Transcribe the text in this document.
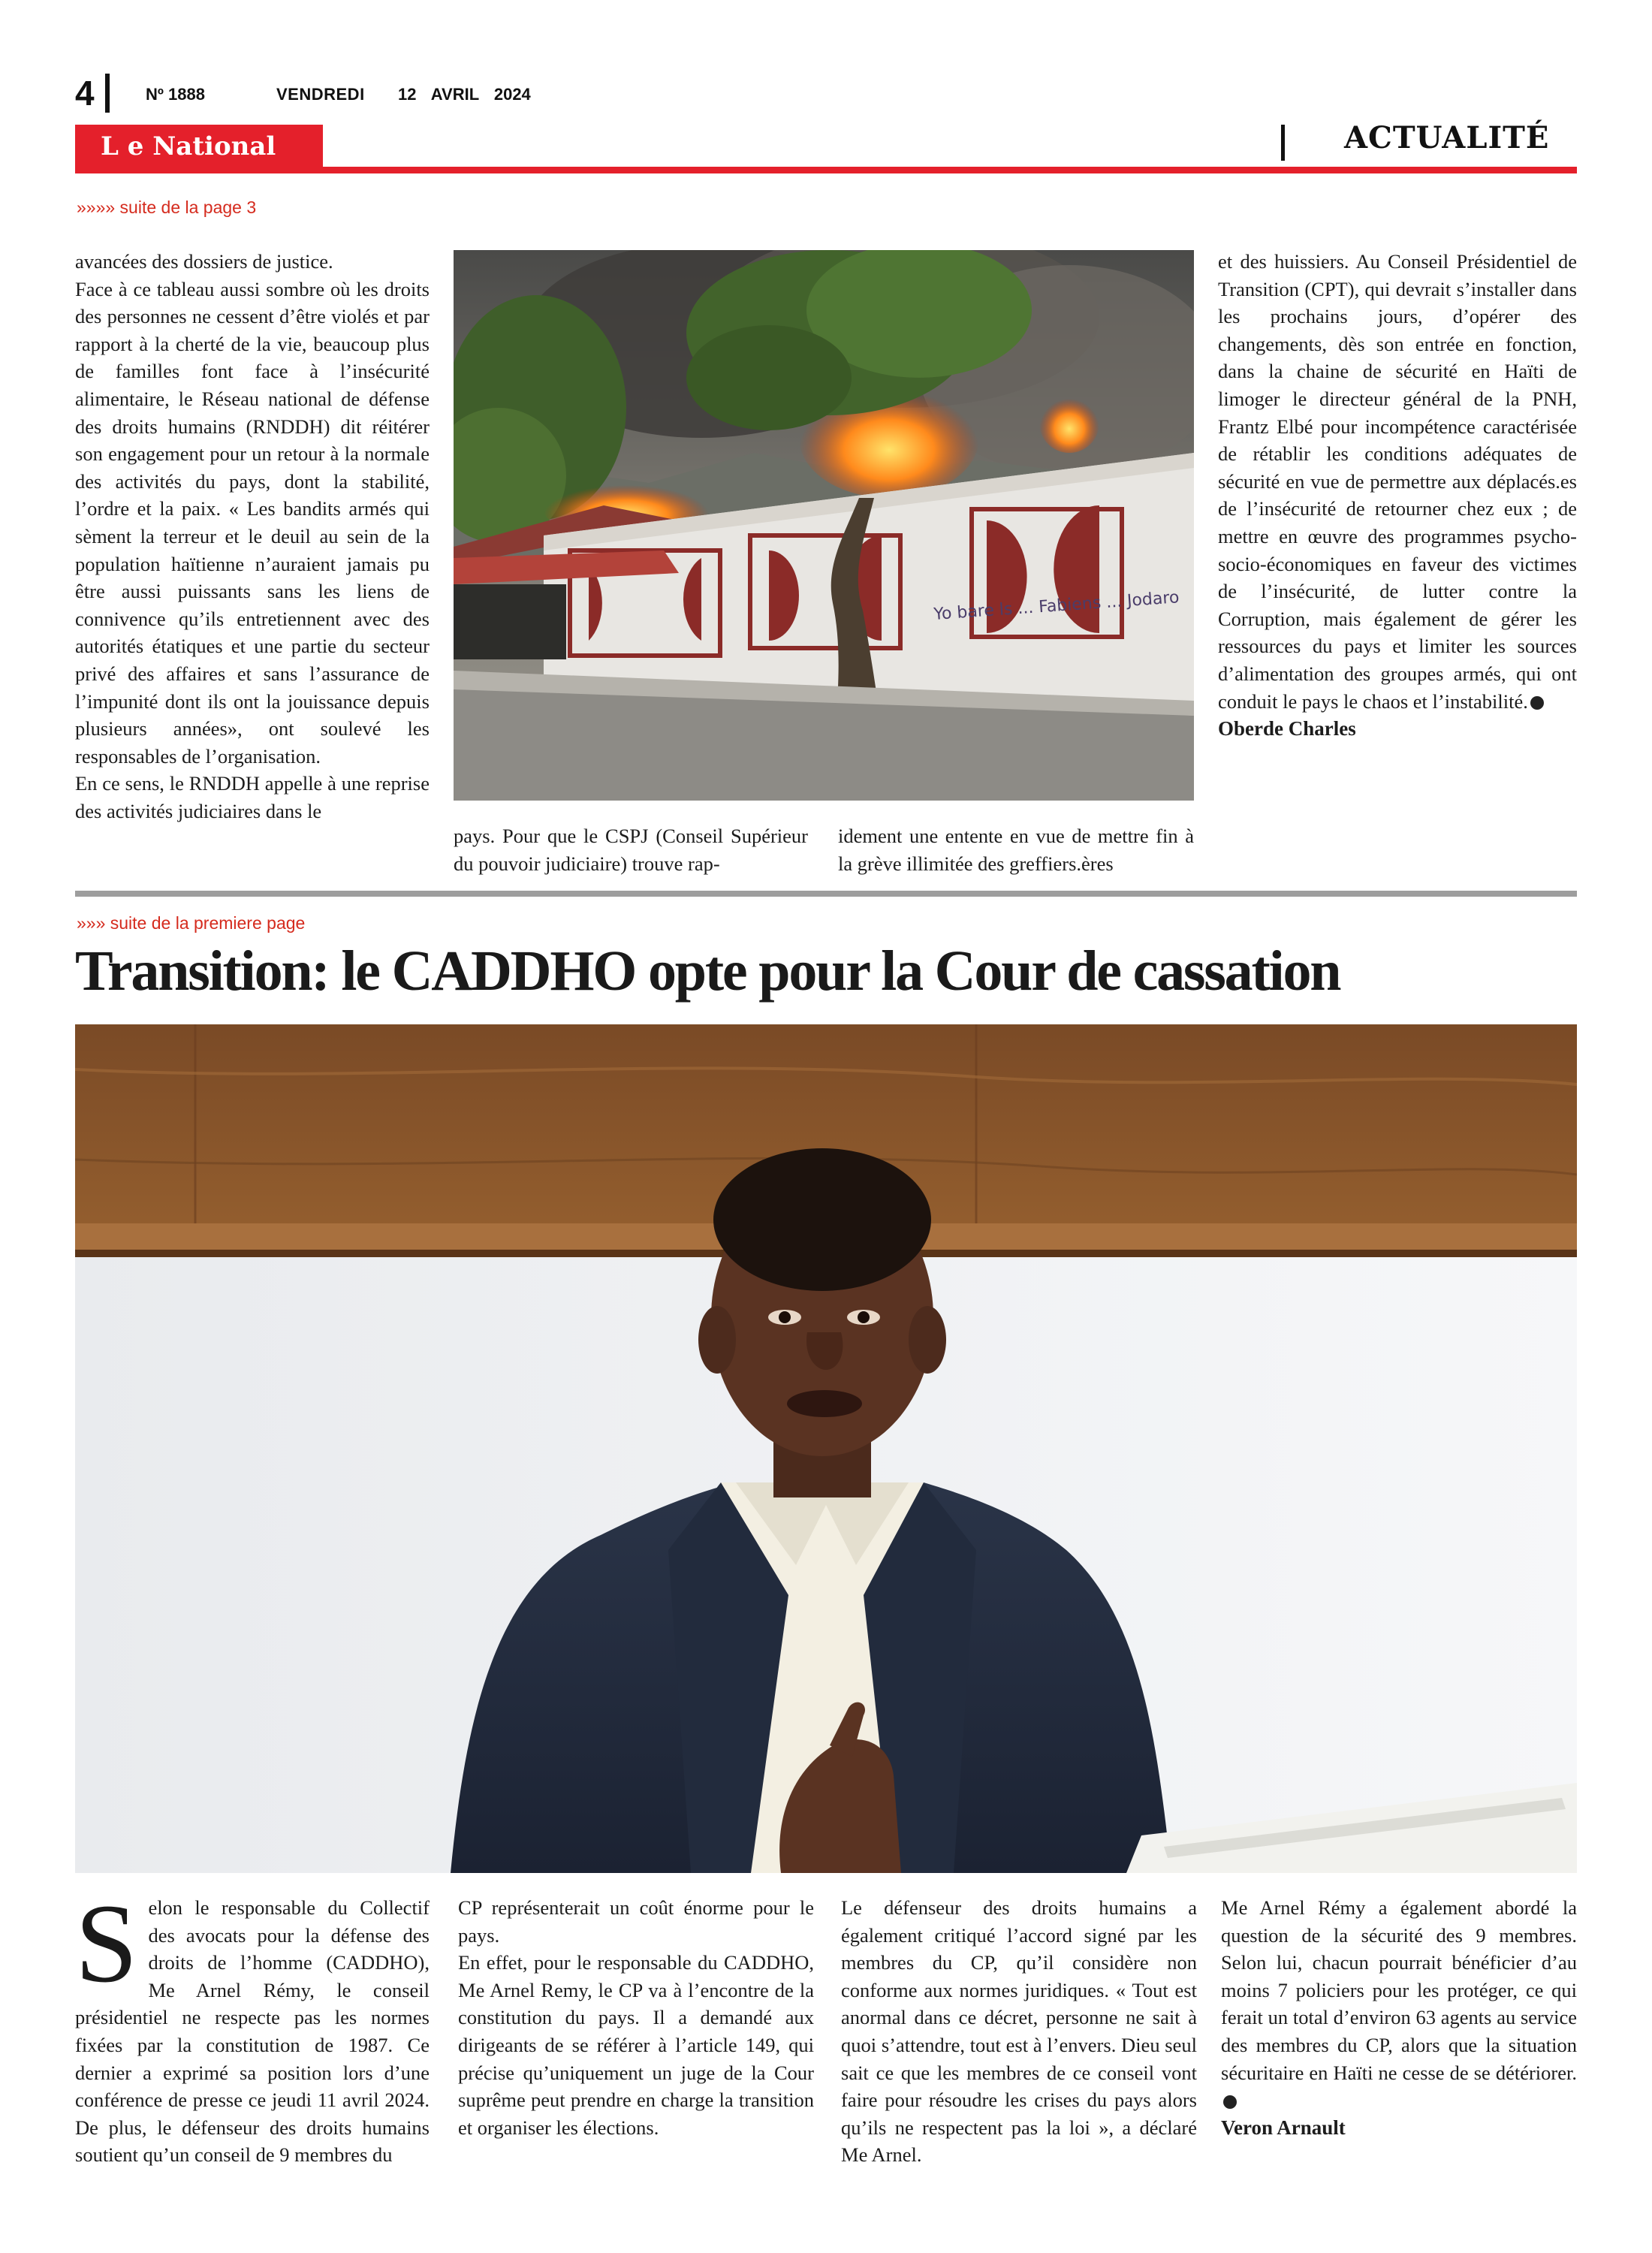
4	Nº 1888	VENDREDI 12 AVRIL 2024
L e National	ACTUALITÉ
»»»» suite de la page 3

avancées des dossiers de justice.

Face à ce tableau aussi sombre où les droits des personnes ne cessent d’être violés et par rapport à la cherté de la vie, beaucoup plus de familles font face à l’insécurité alimentaire, le Réseau national de défense des droits humains (RNDDH) dit réitérer son engagement pour un retour à la normale des activités du pays, dont la stabilité, l’ordre et la paix. « Les bandits armés qui sèment la terreur et le deuil au sein de la population haïtienne n’auraient jamais pu être aussi puissants sans les liens de connivence qu’ils entretiennent avec des autorités étatiques et une partie du secteur privé des affaires et sans l’assurance de l’impunité dont ils ont la jouissance depuis plusieurs années», ont soulevé les responsables de l’organisation.

En ce sens, le RNDDH appelle à une reprise des activités judiciaires dans le

Yo bare ls ... Fabiens ... Jodaro

pays. Pour que le CSPJ (Conseil Supérieur du pouvoir judiciaire) trouve rap-

idement une entente en vue de mettre fin à la grève illimitée des greffiers.ères

et des huissiers. Au Conseil Présidentiel de Transition (CPT), qui devrait s’installer dans les prochains jours, d’opérer des changements, dès son entrée en fonction, dans la chaine de sécurité en Haïti de limoger le directeur général de la PNH, Frantz Elbé pour incompétence caractérisée de rétablir les conditions adéquates de sécurité en vue de permettre aux déplacés.es de l’insécurité de retourner chez eux ; de mettre en œuvre des programmes psycho-socio-économiques en faveur des victimes de l’insécurité, de lutter contre la Corruption, mais également de gérer les ressources du pays et limiter les sources d’alimentation des groupes armés, qui ont conduit le pays le chaos et l’instabilité.

Oberde Charles

»»» suite de la premiere page
Transition: le CADDHO opte pour la Cour de cassation

Selon le responsable du Collectif des avocats pour la défense des droits de l’homme (CADDHO), Me Arnel Rémy, le conseil présidentiel ne respecte pas les normes fixées par la constitution de 1987. Ce dernier a exprimé sa position lors d’une conférence de presse ce jeudi 11 avril 2024. De plus, le défenseur des droits humains soutient qu’un conseil de 9 membres du

CP représenterait un coût énorme pour le pays.

En effet, pour le responsable du CADDHO, Me Arnel Remy, le CP va à l’encontre de la constitution du pays. Il a demandé aux dirigeants de se référer à l’article 149, qui précise qu’uniquement un juge de la Cour suprême peut prendre en charge la transition et organiser les élections.

Le défenseur des droits humains a également critiqué l’accord signé par les membres du CP, qu’il considère non conforme aux normes juridiques. « Tout est anormal dans ce décret, personne ne sait à quoi s’attendre, tout est à l’envers. Dieu seul sait ce que les membres de ce conseil vont faire pour résoudre les crises du pays alors qu’ils ne respectent pas la loi », a déclaré Me Arnel.

Me Arnel Rémy a également abordé la question de la sécurité des 9 membres. Selon lui, chacun pourrait bénéficier d’au moins 7 policiers pour les protéger, ce qui ferait un total d’environ 63 agents au service des membres du CP, alors que la situation sécuritaire en Haïti ne cesse de se détériorer.

Veron Arnault
